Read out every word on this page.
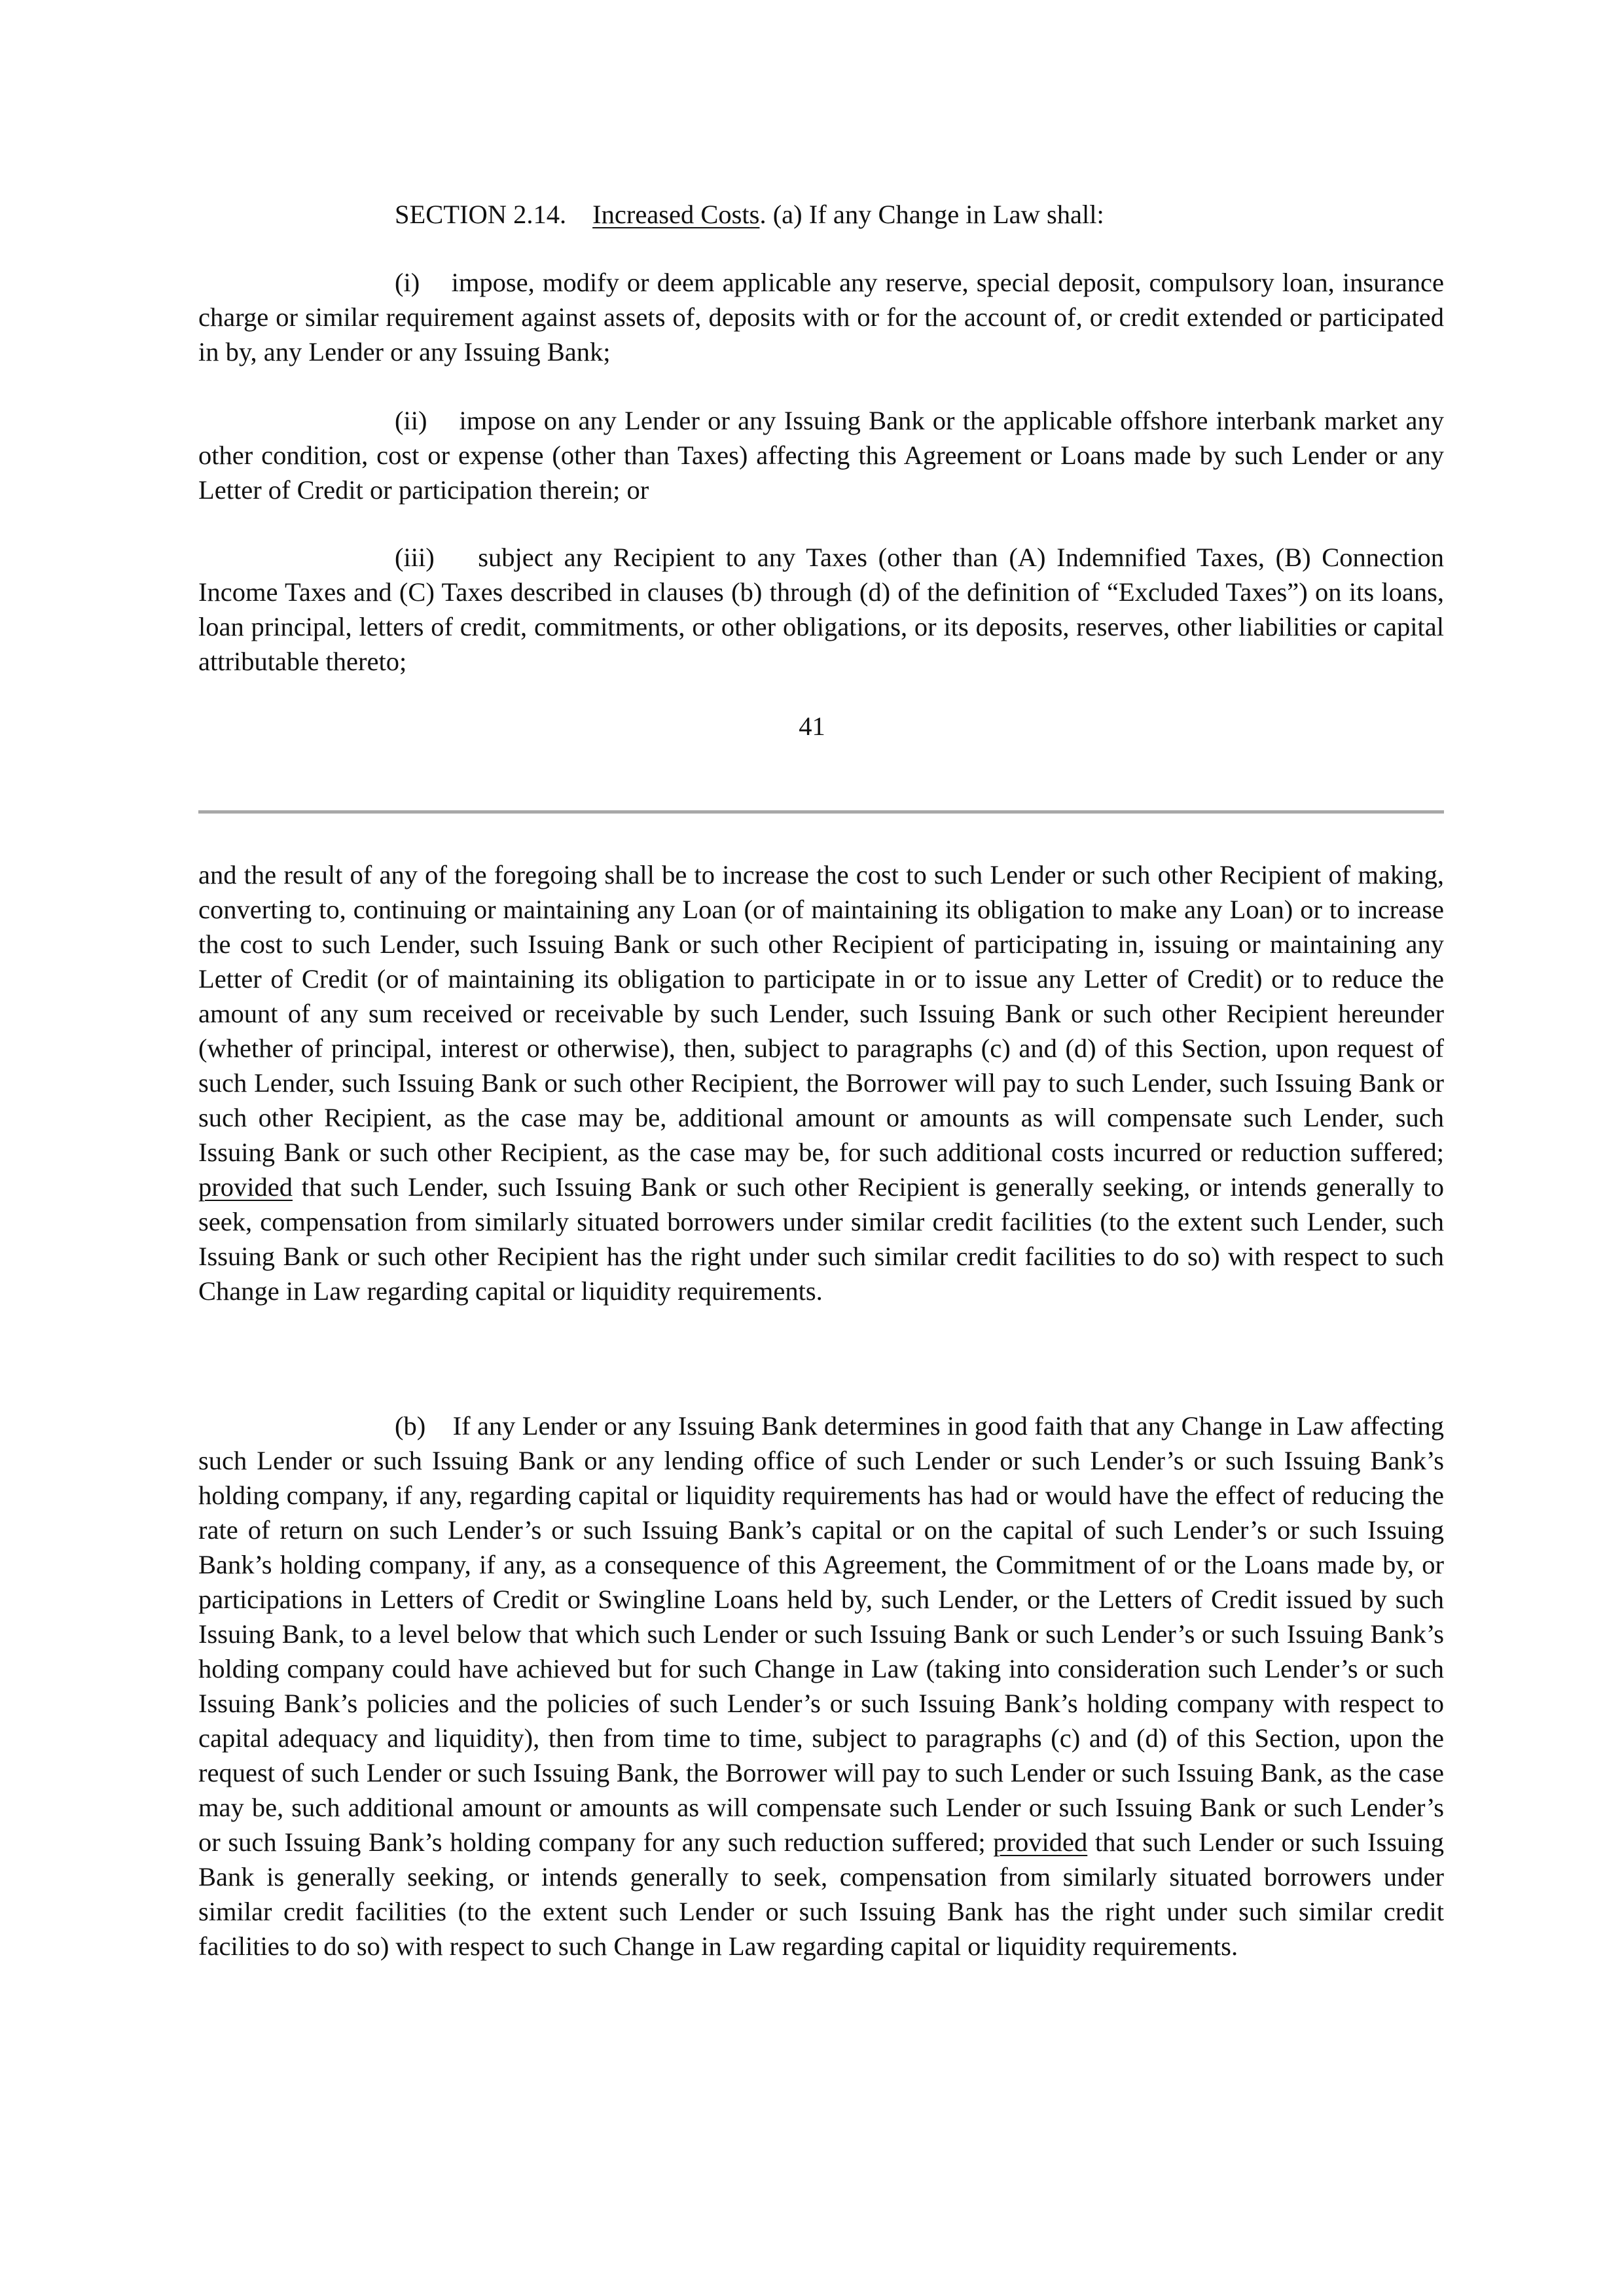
SECTION 2.14. Increased Costs. (a) If any Change in Law shall:

(i)    impose, modify or deem applicable any reserve, special deposit, compulsory loan, insurance charge or similar requirement against assets of, deposits with or for the account of, or credit extended or participated in by, any Lender or any Issuing Bank;

(ii)    impose on any Lender or any Issuing Bank or the applicable offshore interbank market any other condition, cost or expense (other than Taxes) affecting this Agreement or Loans made by such Lender or any Letter of Credit or participation therein; or

(iii)    subject any Recipient to any Taxes (other than (A) Indemnified Taxes, (B) Connection Income Taxes and (C) Taxes described in clauses (b) through (d) of the definition of “Excluded Taxes”) on its loans, loan principal, letters of credit, commitments, or other obligations, or its deposits, reserves, other liabilities or capital attributable thereto;

41

and the result of any of the foregoing shall be to increase the cost to such Lender or such other Recipient of making, converting to, continuing or maintaining any Loan (or of maintaining its obligation to make any Loan) or to increase the cost to such Lender, such Issuing Bank or such other Recipient of participating in, issuing or maintaining any Letter of Credit (or of maintaining its obligation to participate in or to issue any Letter of Credit) or to reduce the amount of any sum received or receivable by such Lender, such Issuing Bank or such other Recipient hereunder (whether of principal, interest or otherwise), then, subject to paragraphs (c) and (d) of this Section, upon request of such Lender, such Issuing Bank or such other Recipient, the Borrower will pay to such Lender, such Issuing Bank or such other Recipient, as the case may be, additional amount or amounts as will compensate such Lender, such Issuing Bank or such other Recipient, as the case may be, for such additional costs incurred or reduction suffered; provided that such Lender, such Issuing Bank or such other Recipient is generally seeking, or intends generally to seek, compensation from similarly situated borrowers under similar credit facilities (to the extent such Lender, such Issuing Bank or such other Recipient has the right under such similar credit facilities to do so) with respect to such Change in Law regarding capital or liquidity requirements.

(b)    If any Lender or any Issuing Bank determines in good faith that any Change in Law affecting such Lender or such Issuing Bank or any lending office of such Lender or such Lender’s or such Issuing Bank’s holding company, if any, regarding capital or liquidity requirements has had or would have the effect of reducing the rate of return on such Lender’s or such Issuing Bank’s capital or on the capital of such Lender’s or such Issuing Bank’s holding company, if any, as a consequence of this Agreement, the Commitment of or the Loans made by, or participations in Letters of Credit or Swingline Loans held by, such Lender, or the Letters of Credit issued by such Issuing Bank, to a level below that which such Lender or such Issuing Bank or such Lender’s or such Issuing Bank’s holding company could have achieved but for such Change in Law (taking into consideration such Lender’s or such Issuing Bank’s policies and the policies of such Lender’s or such Issuing Bank’s holding company with respect to capital adequacy and liquidity), then from time to time, subject to paragraphs (c) and (d) of this Section, upon the request of such Lender or such Issuing Bank, the Borrower will pay to such Lender or such Issuing Bank, as the case may be, such additional amount or amounts as will compensate such Lender or such Issuing Bank or such Lender’s or such Issuing Bank’s holding company for any such reduction suffered; provided that such Lender or such Issuing Bank is generally seeking, or intends generally to seek, compensation from similarly situated borrowers under similar credit facilities (to the extent such Lender or such Issuing Bank has the right under such similar credit facilities to do so) with respect to such Change in Law regarding capital or liquidity requirements.
